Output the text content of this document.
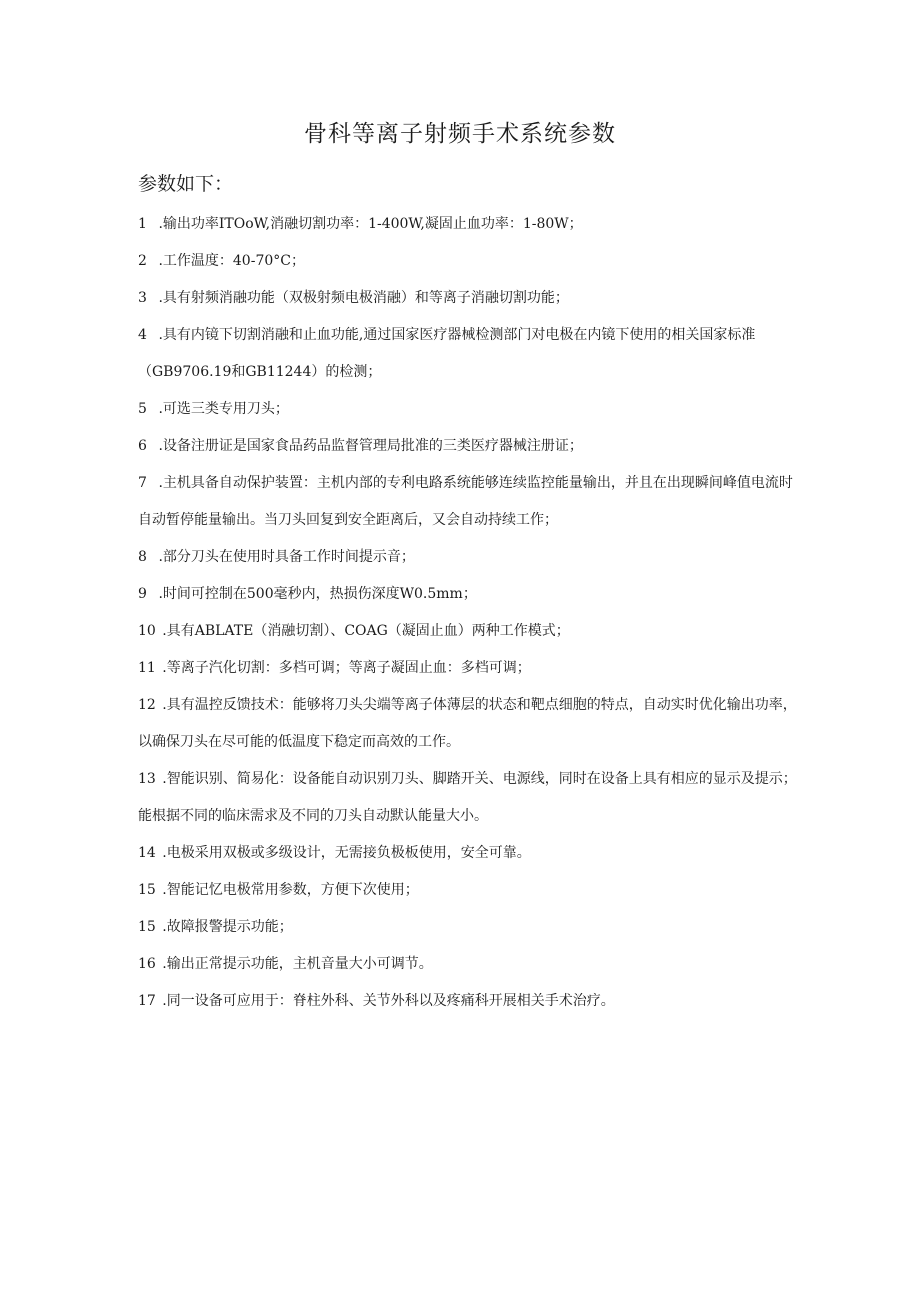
骨科等离子射频手术系统参数

参数如下：

1 .输出功率ITOoW,消融切割功率：1-400W,凝固止血功率：1-80W；
2 .工作温度：40-70°C；
3 .具有射频消融功能（双极射频电极消融）和等离子消融切割功能；
4 .具有内镜下切割消融和止血功能,通过国家医疗器械检测部门对电极在内镜下使用的相关国家标准（GB9706.19和GB11244）的检测；
5 .可选三类专用刀头；
6 .设备注册证是国家食品药品监督管理局批准的三类医疗器械注册证；
7 .主机具备自动保护装置：主机内部的专利电路系统能够连续监控能量输出，并且在出现瞬间峰值电流时自动暂停能量输出。当刀头回复到安全距离后，又会自动持续工作；
8 .部分刀头在使用时具备工作时间提示音；
9 .时间可控制在500毫秒内，热损伤深度W0.5mm；
10 .具有ABLATE（消融切割）、COAG（凝固止血）两种工作模式；
11 .等离子汽化切割：多档可调；等离子凝固止血：多档可调；
12 .具有温控反馈技术：能够将刀头尖端等离子体薄层的状态和靶点细胞的特点，自动实时优化输出功率，以确保刀头在尽可能的低温度下稳定而高效的工作。
13 .智能识别、简易化：设备能自动识别刀头、脚踏开关、电源线，同时在设备上具有相应的显示及提示；能根据不同的临床需求及不同的刀头自动默认能量大小。
14 .电极采用双极或多级设计，无需接负极板使用，安全可靠。
15 .智能记忆电极常用参数，方便下次使用；
15 .故障报警提示功能；
16 .输出正常提示功能，主机音量大小可调节。
17 .同一设备可应用于：脊柱外科、关节外科以及疼痛科开展相关手术治疗。
